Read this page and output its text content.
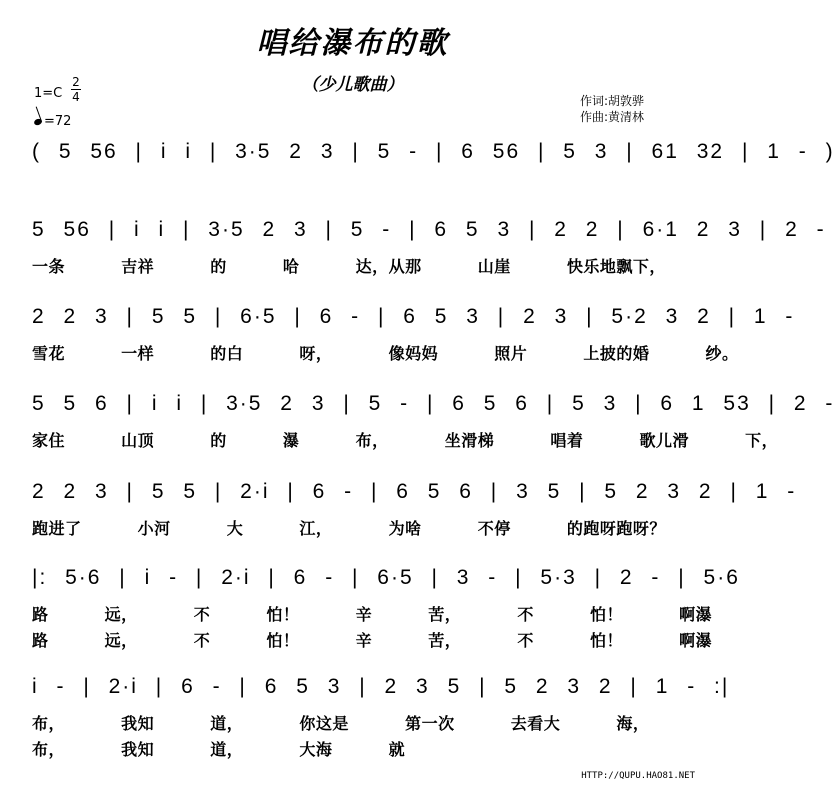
唱给瀑布的歌
（少儿歌曲）
1=C
2
4
=72
作词:胡敦骅
作曲:黄清林
( 5 56 | i i | 3·5 2 3 | 5 - | 6 56 | 5 3 | 61 32 | 1 - )
5 56 | i i | 3·5 2 3 | 5 - | 6 5 3 | 2 2 | 6·1 2 3 | 2 -
一条  吉祥  的  哈  达，从那  山崖  快乐地飘下，
2 2 3 | 5 5 | 6·5 | 6 - | 6 5 3 | 2 3 | 5·2 3 2 | 1 -
雪花  一样  的白  呀，  像妈妈  照片  上披的婚  纱。
5 5 6 | i i | 3·5 2 3 | 5 - | 6 5 6 | 5 3 | 6 1 53 | 2 -
家住  山顶  的  瀑  布，  坐滑梯  唱着  歌儿滑  下，
2 2 3 | 5 5 | 2·i | 6 - | 6 5 6 | 3 5 | 5 2 3 2 | 1 -
跑进了  小河  大  江，  为啥  不停  的跑呀跑呀？
|: 5·6 | i - | 2·i | 6 - | 6·5 | 3 - | 5·3 | 2 - | 5·6
路  远，  不  怕！  辛  苦，  不  怕！  啊瀑
路  远，  不  怕！  辛  苦，  不  怕！  啊瀑
i - | 2·i | 6 - | 6 5 3 | 2 3 5 | 5 2 3 2 | 1 - :|
布，  我知  道，  你这是  第一次  去看大  海，
布，  我知  道，  大海  就
HTTP://QUPU.HAO81.NET
